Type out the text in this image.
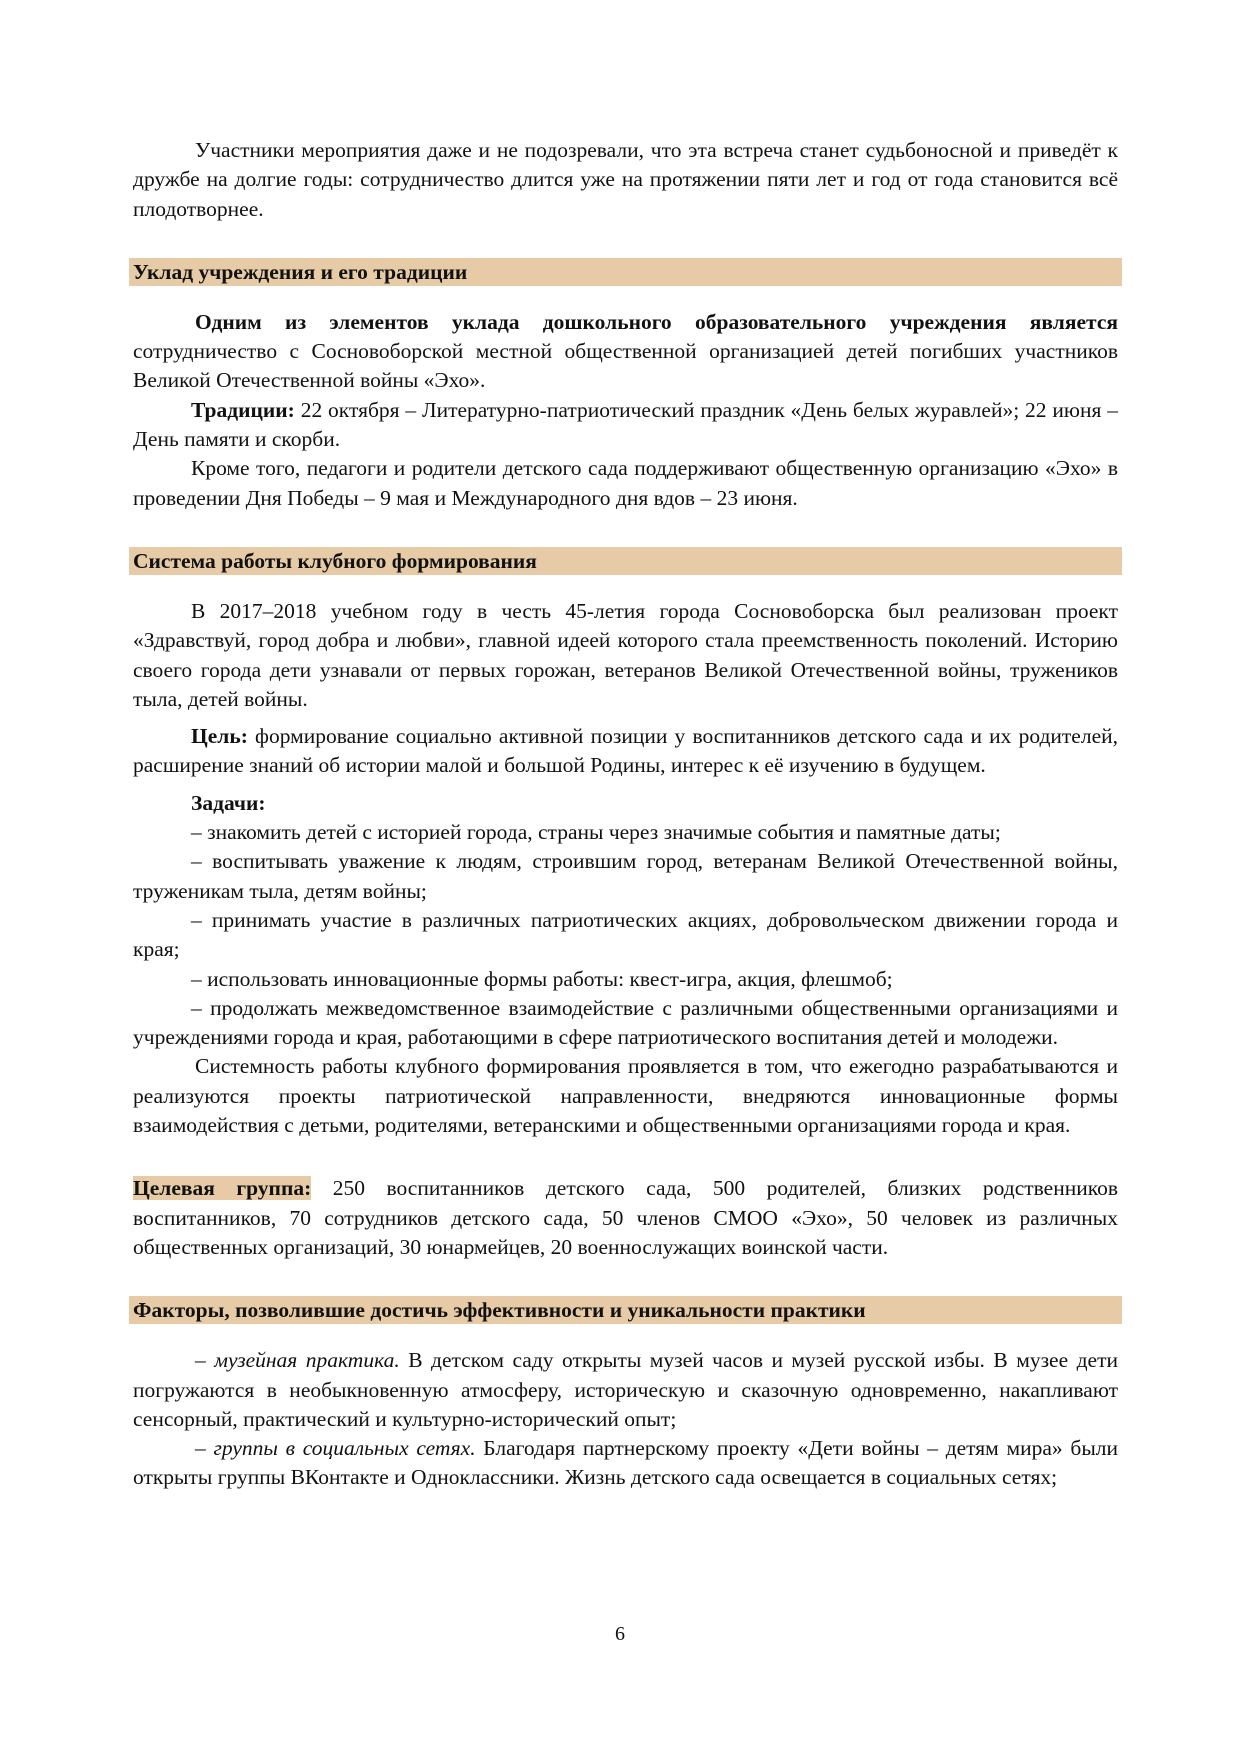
Участники мероприятия даже и не подозревали, что эта встреча станет судьбоносной и приведёт к дружбе на долгие годы: сотрудничество длится уже на протяжении пяти лет и год от года становится всё плодотворнее.

Уклад учреждения и его традиции

Одним из элементов уклада дошкольного образовательного учреждения является сотрудничество с Сосновоборской местной общественной организацией детей погибших участников Великой Отечественной войны «Эхо».

Традиции: 22 октября – Литературно-патриотический праздник «День белых журавлей»; 22 июня – День памяти и скорби.

Кроме того, педагоги и родители детского сада поддерживают общественную организацию «Эхо» в проведении Дня Победы – 9 мая и Международного дня вдов – 23 июня.

Система работы клубного формирования

В 2017–2018 учебном году в честь 45-летия города Сосновоборска был реализован проект «Здравствуй, город добра и любви», главной идеей которого стала преемственность поколений. Историю своего города дети узнавали от первых горожан, ветеранов Великой Отечественной войны, тружеников тыла, детей войны.

Цель: формирование социально активной позиции у воспитанников детского сада и их родителей, расширение знаний об истории малой и большой Родины, интерес к её изучению в будущем.

Задачи:

– знакомить детей с историей города, страны через значимые события и памятные даты;

– воспитывать уважение к людям, строившим город, ветеранам Великой Отечественной войны, труженикам тыла, детям войны;

– принимать участие в различных патриотических акциях, добровольческом движении города и края;

– использовать инновационные формы работы: квест-игра, акция, флешмоб;

– продолжать межведомственное взаимодействие с различными общественными организациями и учреждениями города и края, работающими в сфере патриотического воспитания детей и молодежи.

Системность работы клубного формирования проявляется в том, что ежегодно разрабатываются и реализуются проекты патриотической направленности, внедряются инновационные формы взаимодействия с детьми, родителями, ветеранскими и общественными организациями города и края.

Целевая группа: 250 воспитанников детского сада, 500 родителей, близких родственников воспитанников, 70 сотрудников детского сада, 50 членов СМОО «Эхо», 50 человек из различных общественных организаций, 30 юнармейцев, 20 военнослужащих воинской части.

Факторы, позволившие достичь эффективности и уникальности практики

– музейная практика. В детском саду открыты музей часов и музей русской избы. В музее дети погружаются в необыкновенную атмосферу, историческую и сказочную одновременно, накапливают сенсорный, практический и культурно-исторический опыт;

– группы в социальных сетях. Благодаря партнерскому проекту «Дети войны – детям мира» были открыты группы ВКонтакте и Одноклассники. Жизнь детского сада освещается в социальных сетях;

6
